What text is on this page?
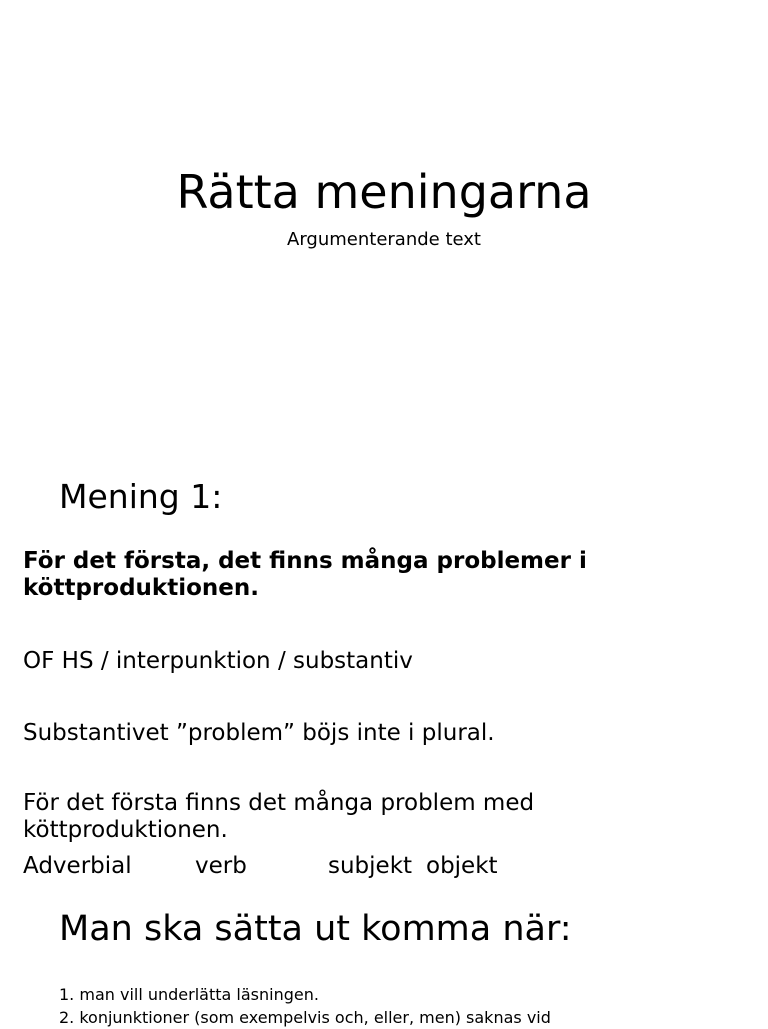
Rätta meningarna
Argumenterande text
Mening 1:

För det första, det finns många problemer i köttproduktionen.

OF HS / interpunktion / substantiv

Substantivet ”problem” böjs inte i plural.

För det första finns det många problem med köttproduktionen.

Adverbial	verb	subjekt objekt
Man ska sätta ut komma när:
1. man vill underlätta läsningen.
2. konjunktioner (som exempelvis och, eller, men) saknas vid
